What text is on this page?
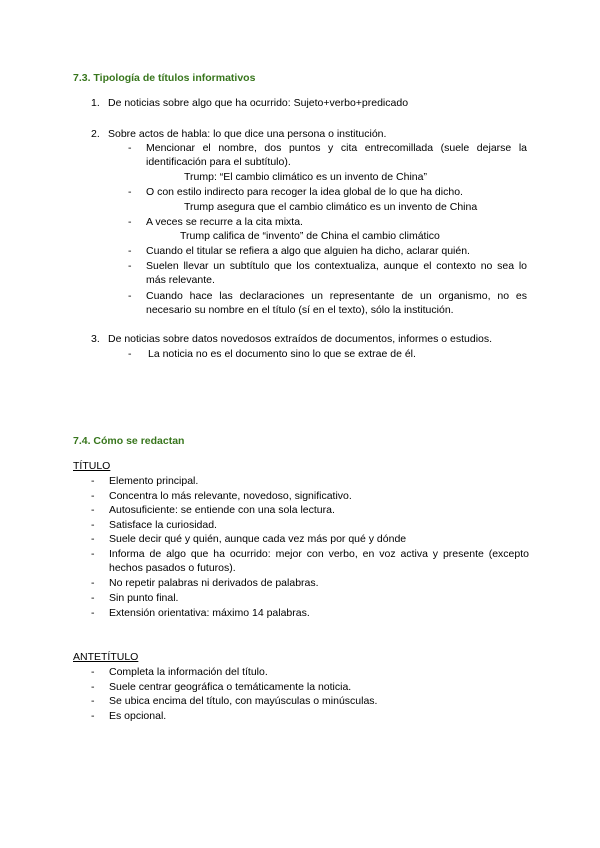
7.3. Tipología de títulos informativos
1. De noticias sobre algo que ha ocurrido: Sujeto+verbo+predicado
2. Sobre actos de habla: lo que dice una persona o institución.
- Mencionar el nombre, dos puntos y cita entrecomillada (suele dejarse la identificación para el subtítulo).
Trump: “El cambio climático es un invento de China”
- O con estilo indirecto para recoger la idea global de lo que ha dicho.
Trump asegura que el cambio climático es un invento de China
- A veces se recurre a la cita mixta.
Trump califica de “invento” de China el cambio climático
- Cuando el titular se refiera a algo que alguien ha dicho, aclarar quién.
- Suelen llevar un subtítulo que los contextualiza, aunque el contexto no sea lo más relevante.
- Cuando hace las declaraciones un representante de un organismo, no es necesario su nombre en el título (sí en el texto), sólo la institución.
3. De noticias sobre datos novedosos extraídos de documentos, informes o estudios.
- La noticia no es el documento sino lo que se extrae de él.
7.4. Cómo se redactan
TÍTULO
- Elemento principal.
- Concentra lo más relevante, novedoso, significativo.
- Autosuficiente: se entiende con una sola lectura.
- Satisface la curiosidad.
- Suele decir qué y quién, aunque cada vez más por qué y dónde
- Informa de algo que ha ocurrido: mejor con verbo, en voz activa y presente (excepto hechos pasados o futuros).
- No repetir palabras ni derivados de palabras.
- Sin punto final.
- Extensión orientativa: máximo 14 palabras.
ANTETÍTULO
- Completa la información del título.
- Suele centrar geográfica o temáticamente la noticia.
- Se ubica encima del título, con mayúsculas o minúsculas.
- Es opcional.
